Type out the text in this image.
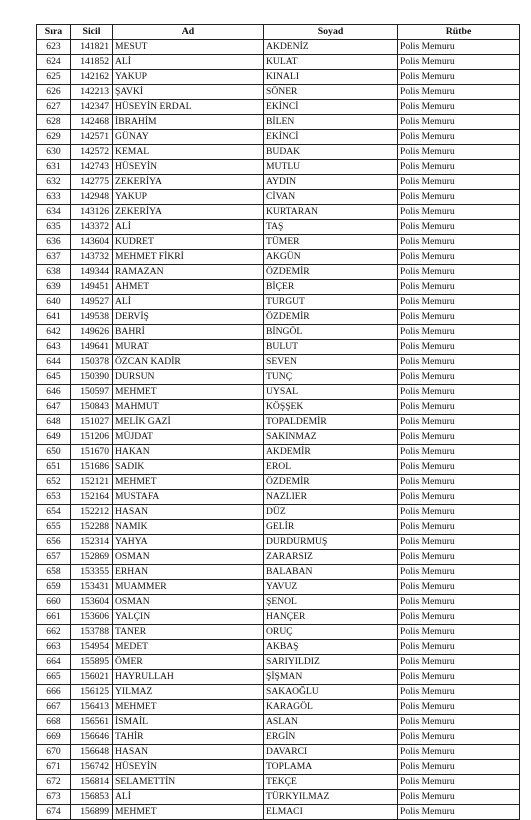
Sıra	Sicil	Ad	Soyad	Rütbe
623	141821	MESUT	AKDENİZ	Polis Memuru
624	141852	ALİ	KULAT	Polis Memuru
625	142162	YAKUP	KINALI	Polis Memuru
626	142213	ŞAVKİ	SÖNER	Polis Memuru
627	142347	HÜSEYİN ERDAL	EKİNCİ	Polis Memuru
628	142468	İBRAHİM	BİLEN	Polis Memuru
629	142571	GÜNAY	EKİNCİ	Polis Memuru
630	142572	KEMAL	BUDAK	Polis Memuru
631	142743	HÜSEYİN	MUTLU	Polis Memuru
632	142775	ZEKERİYA	AYDIN	Polis Memuru
633	142948	YAKUP	CİVAN	Polis Memuru
634	143126	ZEKERİYA	KURTARAN	Polis Memuru
635	143372	ALİ	TAŞ	Polis Memuru
636	143604	KUDRET	TÜMER	Polis Memuru
637	143732	MEHMET FİKRİ	AKGÜN	Polis Memuru
638	149344	RAMAZAN	ÖZDEMİR	Polis Memuru
639	149451	AHMET	BİÇER	Polis Memuru
640	149527	ALİ	TURGUT	Polis Memuru
641	149538	DERVİŞ	ÖZDEMİR	Polis Memuru
642	149626	BAHRİ	BİNGÖL	Polis Memuru
643	149641	MURAT	BULUT	Polis Memuru
644	150378	ÖZCAN KADİR	SEVEN	Polis Memuru
645	150390	DURSUN	TUNÇ	Polis Memuru
646	150597	MEHMET	UYSAL	Polis Memuru
647	150843	MAHMUT	KÖŞŞEK	Polis Memuru
648	151027	MELİK GAZİ	TOPALDEMİR	Polis Memuru
649	151206	MÜJDAT	SAKINMAZ	Polis Memuru
650	151670	HAKAN	AKDEMİR	Polis Memuru
651	151686	SADIK	EROL	Polis Memuru
652	152121	MEHMET	ÖZDEMİR	Polis Memuru
653	152164	MUSTAFA	NAZLIER	Polis Memuru
654	152212	HASAN	DÜZ	Polis Memuru
655	152288	NAMIK	GELİR	Polis Memuru
656	152314	YAHYA	DURDURMUŞ	Polis Memuru
657	152869	OSMAN	ZARARSIZ	Polis Memuru
658	153355	ERHAN	BALABAN	Polis Memuru
659	153431	MUAMMER	YAVUZ	Polis Memuru
660	153604	OSMAN	ŞENOL	Polis Memuru
661	153606	YALÇIN	HANÇER	Polis Memuru
662	153788	TANER	ORUÇ	Polis Memuru
663	154954	MEDET	AKBAŞ	Polis Memuru
664	155895	ÖMER	SARIYILDIZ	Polis Memuru
665	156021	HAYRULLAH	ŞİŞMAN	Polis Memuru
666	156125	YILMAZ	SAKAOĞLU	Polis Memuru
667	156413	MEHMET	KARAGÖL	Polis Memuru
668	156561	İSMAİL	ASLAN	Polis Memuru
669	156646	TAHİR	ERGİN	Polis Memuru
670	156648	HASAN	DAVARCI	Polis Memuru
671	156742	HÜSEYİN	TOPLAMA	Polis Memuru
672	156814	SELAMETTİN	TEKÇE	Polis Memuru
673	156853	ALİ	TÜRKYILMAZ	Polis Memuru
674	156899	MEHMET	ELMACI	Polis Memuru
